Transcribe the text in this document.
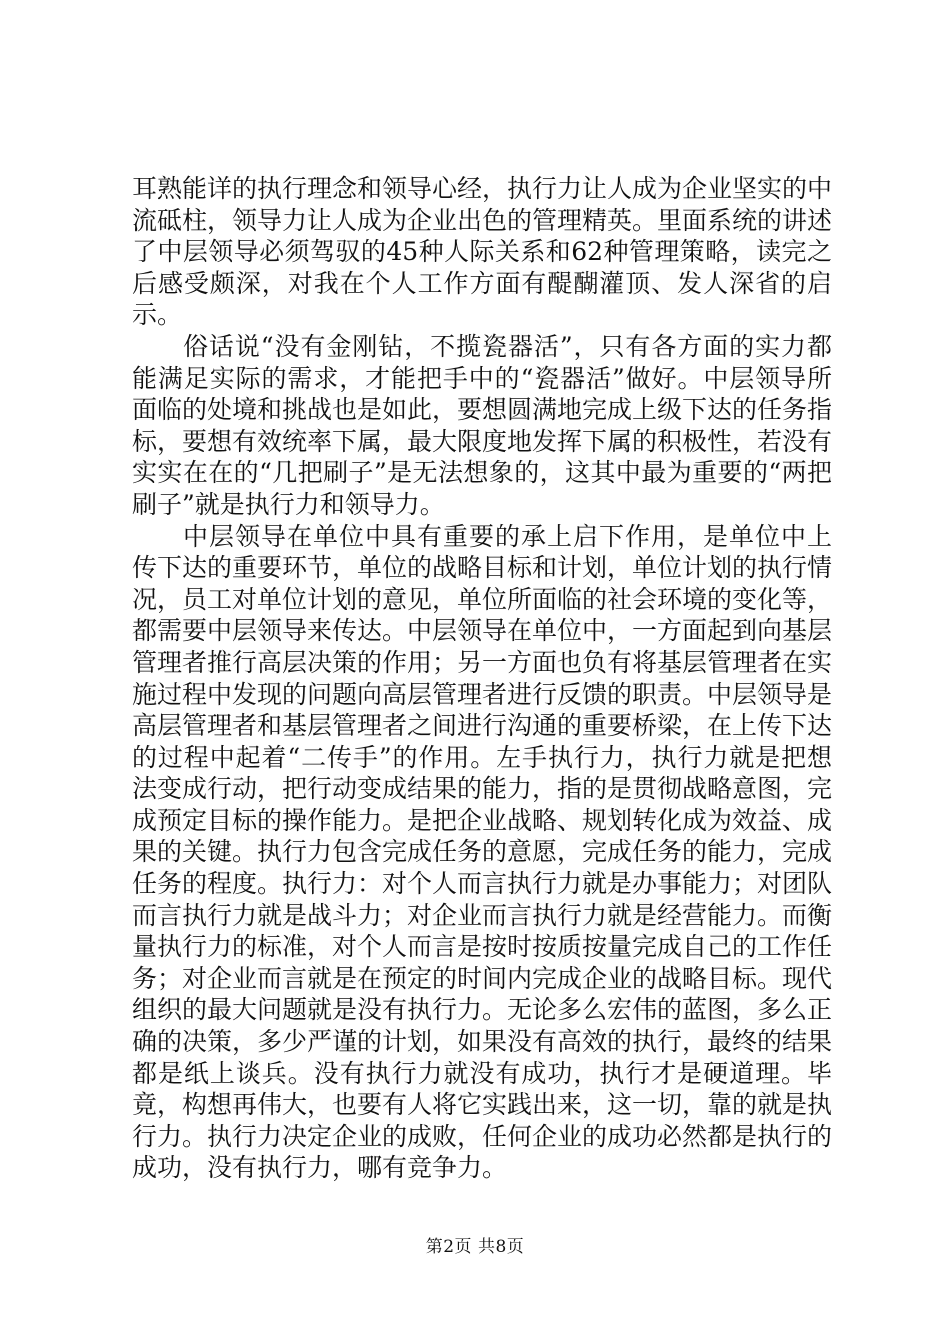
耳熟能详的执行理念和领导心经，执行力让人成为企业坚实的中流砥柱，领导力让人成为企业出色的管理精英。里面系统的讲述了中层领导必须驾驭的45种人际关系和62种管理策略，读完之后感受颇深，对我在个人工作方面有醍醐灌顶、发人深省的启示。

俗话说“没有金刚钻，不揽瓷器活”，只有各方面的实力都能满足实际的需求，才能把手中的“瓷器活”做好。中层领导所面临的处境和挑战也是如此，要想圆满地完成上级下达的任务指标，要想有效统率下属，最大限度地发挥下属的积极性，若没有实实在在的“几把刷子”是无法想象的，这其中最为重要的“两把刷子”就是执行力和领导力。

中层领导在单位中具有重要的承上启下作用，是单位中上传下达的重要环节，单位的战略目标和计划，单位计划的执行情况，员工对单位计划的意见，单位所面临的社会环境的变化等，都需要中层领导来传达。中层领导在单位中，一方面起到向基层管理者推行高层决策的作用；另一方面也负有将基层管理者在实施过程中发现的问题向高层管理者进行反馈的职责。中层领导是高层管理者和基层管理者之间进行沟通的重要桥梁，在上传下达的过程中起着“二传手”的作用。左手执行力，执行力就是把想法变成行动，把行动变成结果的能力，指的是贯彻战略意图，完成预定目标的操作能力。是把企业战略、规划转化成为效益、成果的关键。执行力包含完成任务的意愿，完成任务的能力，完成任务的程度。执行力：对个人而言执行力就是办事能力；对团队而言执行力就是战斗力；对企业而言执行力就是经营能力。而衡量执行力的标准，对个人而言是按时按质按量完成自己的工作任务；对企业而言就是在预定的时间内完成企业的战略目标。现代组织的最大问题就是没有执行力。无论多么宏伟的蓝图，多么正确的决策，多少严谨的计划，如果没有高效的执行，最终的结果都是纸上谈兵。没有执行力就没有成功，执行才是硬道理。毕竟，构想再伟大，也要有人将它实践出来，这一切，靠的就是执行力。执行力决定企业的成败，任何企业的成功必然都是执行的成功，没有执行力，哪有竞争力。

第2页 共8页
